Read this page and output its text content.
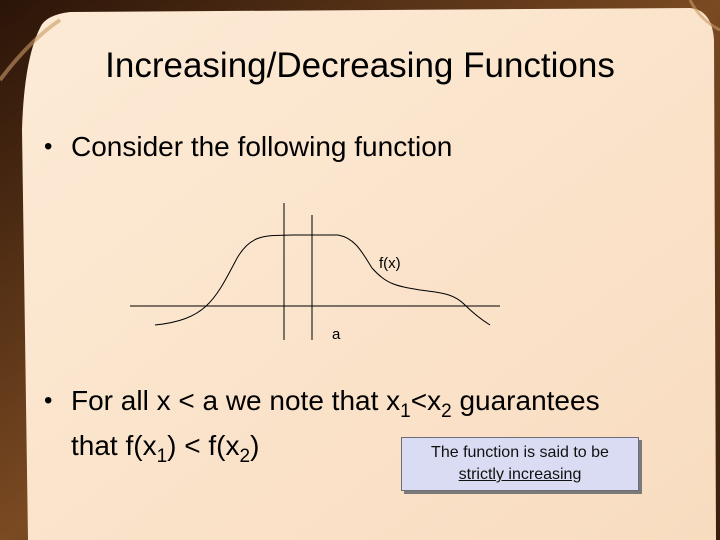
Increasing/Decreasing Functions
• Consider the following function
f(x)
a
• For all x < a we note that $x_1<x_2$ guarantees
that $f(x_1) < f(x_2)$	The function is said to be
strictly increasing
